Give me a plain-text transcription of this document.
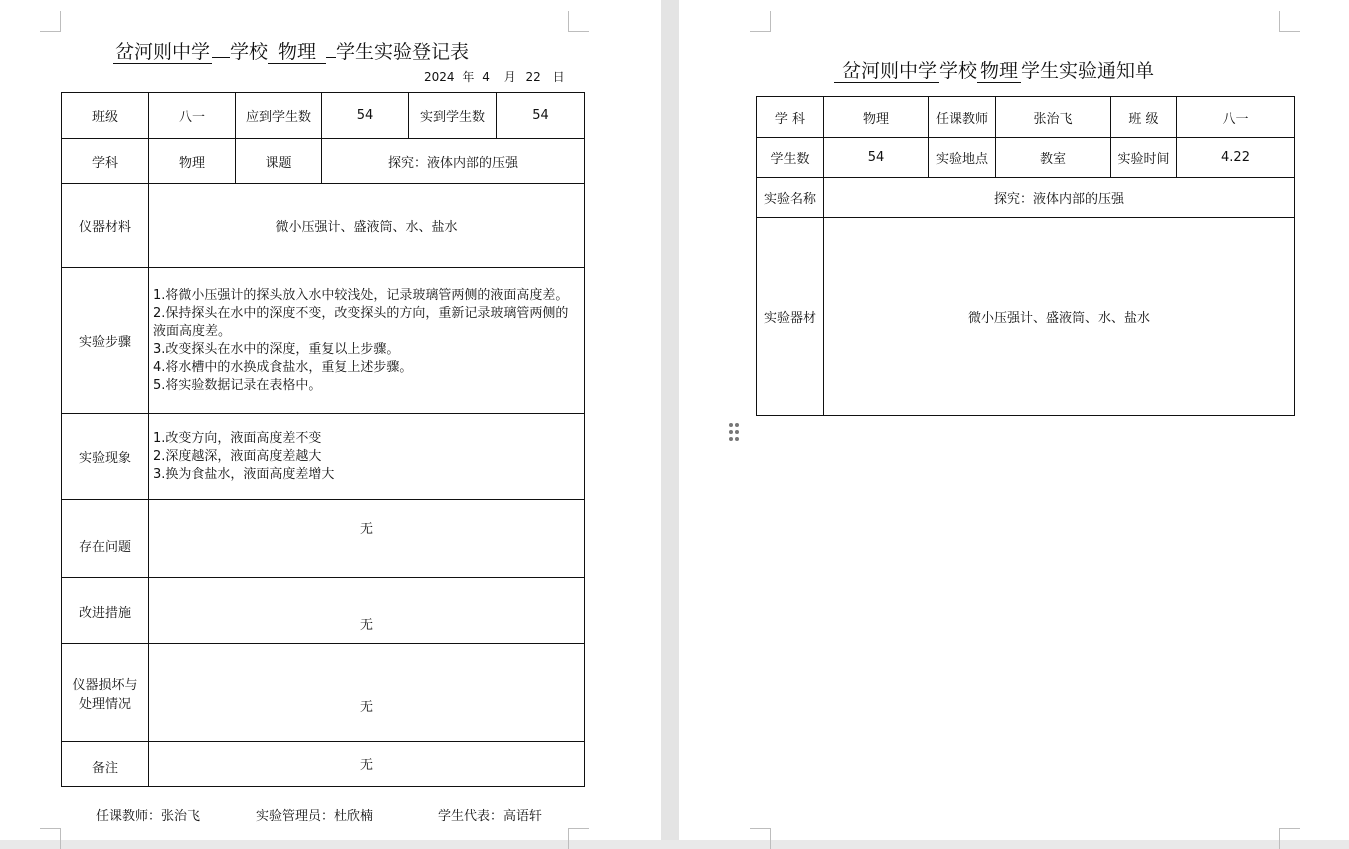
岔河则中学 学校 物理 学生实验登记表
2024 年 4 月 22 日
班级	八一	应到学生数	54	实到学生数	54
学科	物理	课题	探究：液体内部的压强		
仪器材料	微小压强计、盛液筒、水、盐水				
实验步骤	1.将微小压强计的探头放入水中较浅处，记录玻璃管两侧的液面高度差。
2.保持探头在水中的深度不变，改变探头的方向，重新记录玻璃管两侧的液面高度差。
3.改变探头在水中的深度，重复以上步骤。
4.将水槽中的水换成食盐水，重复上述步骤。
5.将实验数据记录在表格中。				

实验现象	1.改变方向，液面高度差不变
2.深度越深，液面高度差越大
3.换为食盐水，液面高度差增大				

存在问题	无				
改进措施	无				

仪器损坏与
处理情况	无				
备注	无				
任课教师：张治飞	实验管理员：杜欣楠	学生代表：高语轩
岔河则中学 学校 物理 学生实验通知单
学 科	物理	任课教师	张治飞	班 级	八一
学生数	54	实验地点	教室	实验时间	4.22
实验名称	探究：液体内部的压强				
实验器材	微小压强计、盛液筒、水、盐水				
